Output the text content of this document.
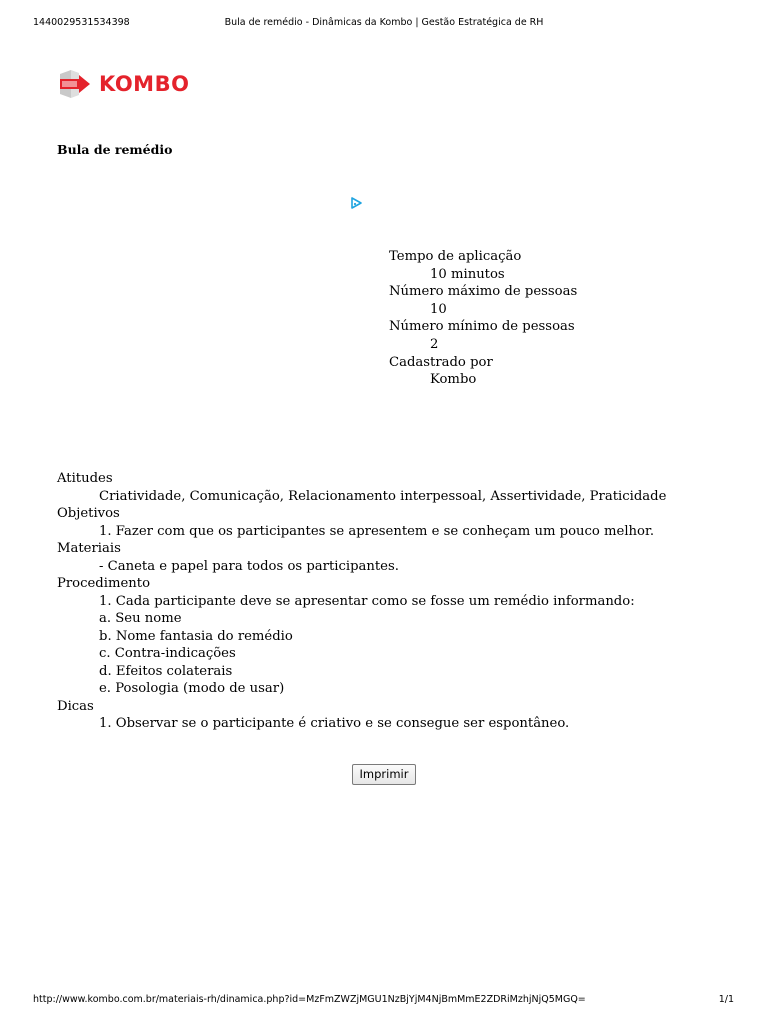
1440029531534398	Bula de remédio - Dinâmicas da Kombo | Gestão Estratégica de RH
KOMBO
Bula de remédio
Tempo de aplicação
10 minutos
Número máximo de pessoas
10
Número mínimo de pessoas
2
Cadastrado por
Kombo
Atitudes
Criatividade, Comunicação, Relacionamento interpessoal, Assertividade, Praticidade
Objetivos
1. Fazer com que os participantes se apresentem e se conheçam um pouco melhor.
Materiais
- Caneta e papel para todos os participantes.
Procedimento
1. Cada participante deve se apresentar como se fosse um remédio informando:
a. Seu nome
b. Nome fantasia do remédio
c. Contra-indicações
d. Efeitos colaterais
e. Posologia (modo de usar)
Dicas
1. Observar se o participante é criativo e se consegue ser espontâneo.
Imprimir
http://www.kombo.com.br/materiais-rh/dinamica.php?id=MzFmZWZjMGU1NzBjYjM4NjBmMmE2ZDRiMzhjNjQ5MGQ=	1/1
